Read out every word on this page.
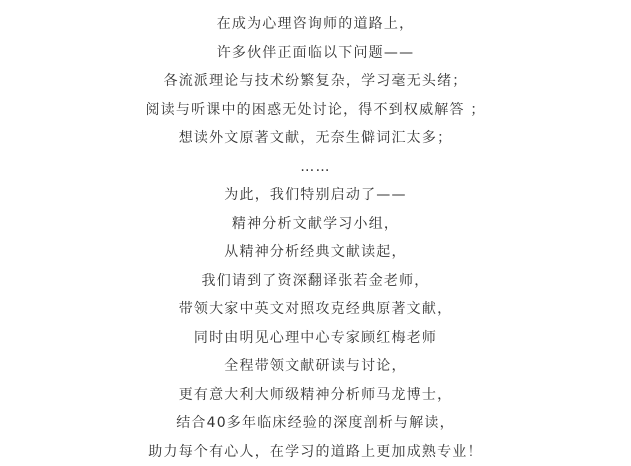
在成为心理咨询师的道路上，
许多伙伴正面临以下问题——
各流派理论与技术纷繁复杂，学习毫无头绪；
阅读与听课中的困惑无处讨论，得不到权威解答 ；
想读外文原著文献，无奈生僻词汇太多；
……
为此，我们特别启动了——
精神分析文献学习小组，
从精神分析经典文献读起，
我们请到了资深翻译张若金老师，
带领大家中英文对照攻克经典原著文献，
同时由明见心理中心专家顾红梅老师
全程带领文献研读与讨论，
更有意大利大师级精神分析师马龙博士，
结合40多年临床经验的深度剖析与解读，
助力每个有心人，在学习的道路上更加成熟专业！
